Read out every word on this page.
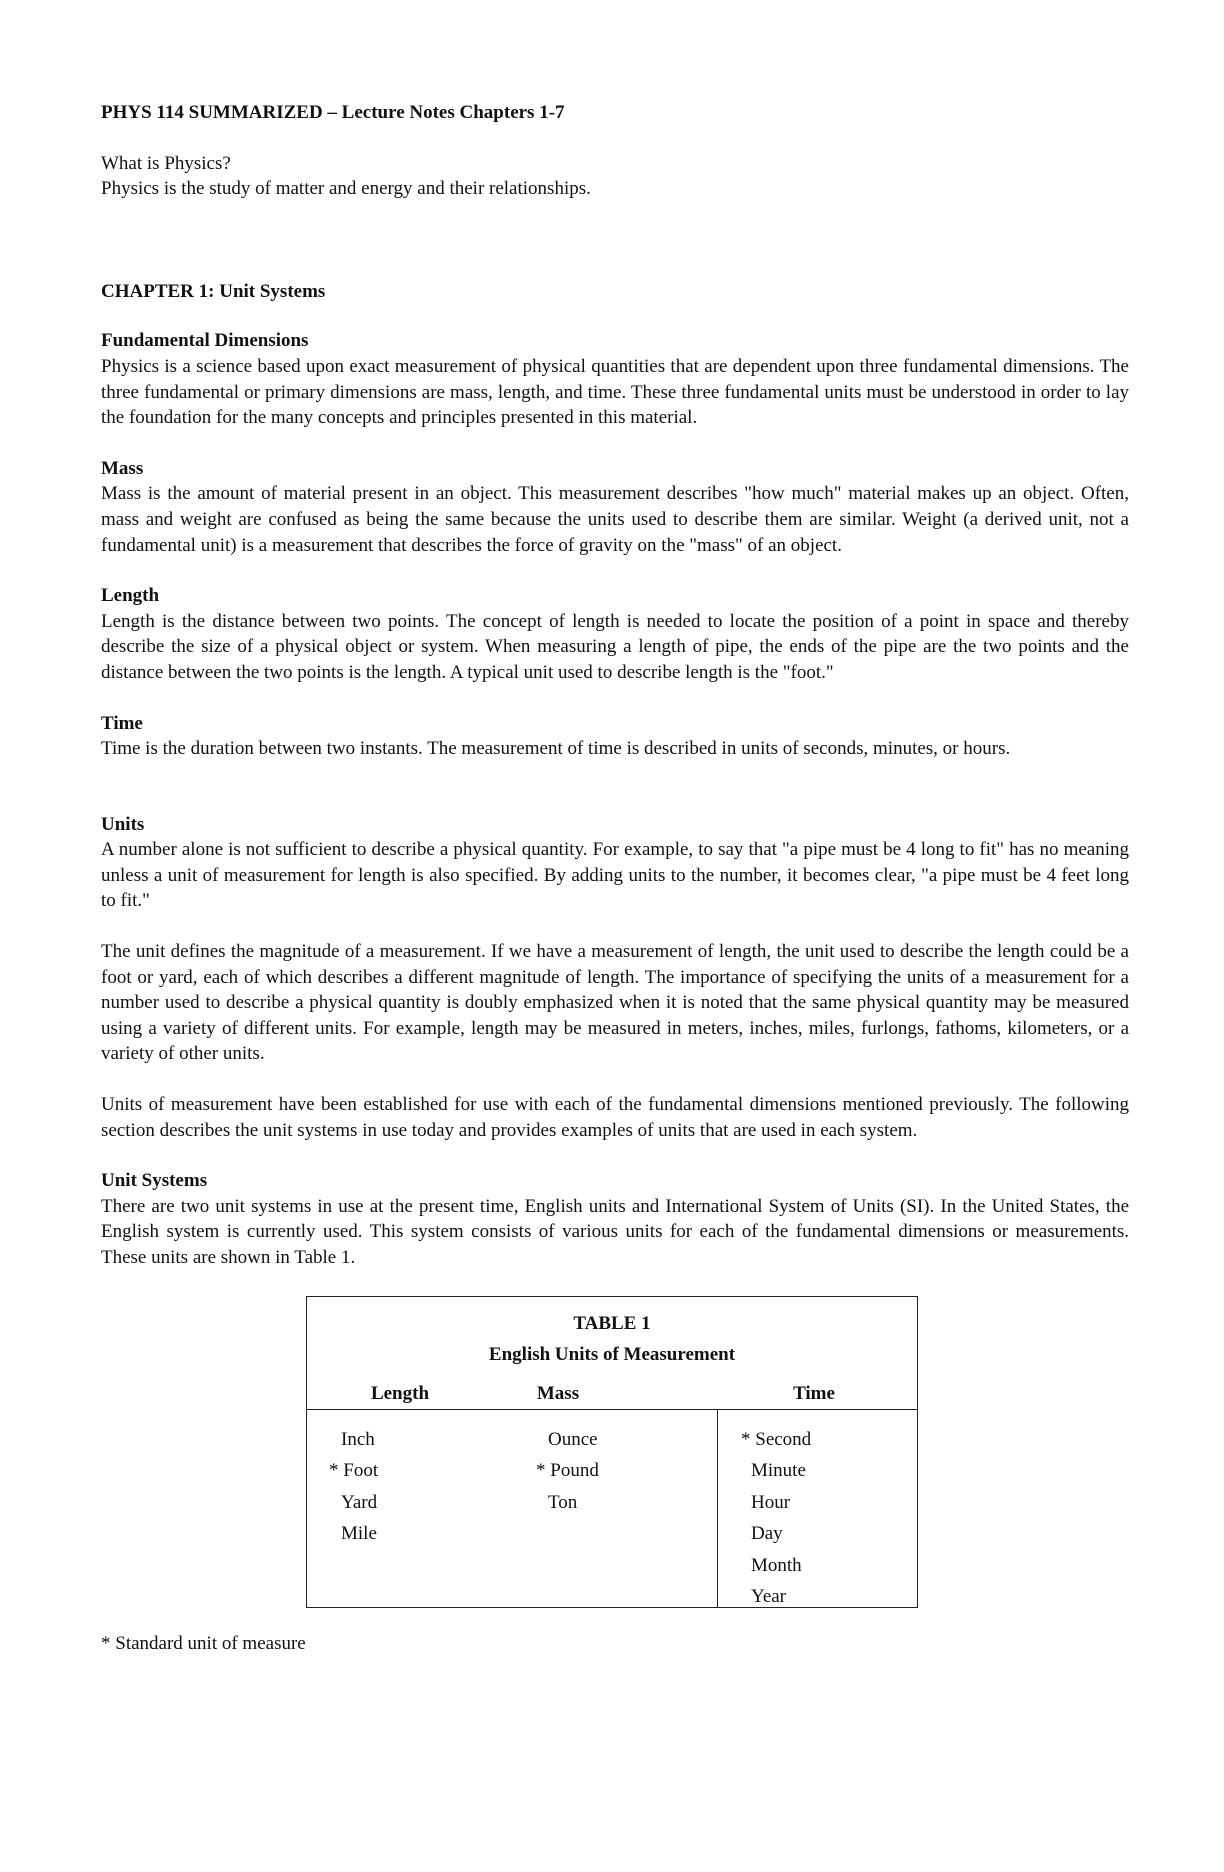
PHYS 114 SUMMARIZED – Lecture Notes Chapters 1-7

What is Physics?

Physics is the study of matter and energy and their relationships.

CHAPTER 1: Unit Systems

Fundamental Dimensions

Physics is a science based upon exact measurement of physical quantities that are dependent upon three fundamental dimensions. The three fundamental or primary dimensions are mass, length, and time. These three fundamental units must be understood in order to lay the foundation for the many concepts and principles presented in this material.

Mass

Mass is the amount of material present in an object. This measurement describes "how much" material makes up an object. Often, mass and weight are confused as being the same because the units used to describe them are similar. Weight (a derived unit, not a fundamental unit) is a measurement that describes the force of gravity on the "mass" of an object.

Length

Length is the distance between two points. The concept of length is needed to locate the position of a point in space and thereby describe the size of a physical object or system. When measuring a length of pipe, the ends of the pipe are the two points and the distance between the two points is the length. A typical unit used to describe length is the "foot."

Time

Time is the duration between two instants. The measurement of time is described in units of seconds, minutes, or hours.

Units

A number alone is not sufficient to describe a physical quantity. For example, to say that "a pipe must be 4 long to fit" has no meaning unless a unit of measurement for length is also specified. By adding units to the number, it becomes clear, "a pipe must be 4 feet long to fit."

The unit defines the magnitude of a measurement. If we have a measurement of length, the unit used to describe the length could be a foot or yard, each of which describes a different magnitude of length. The importance of specifying the units of a measurement for a number used to describe a physical quantity is doubly emphasized when it is noted that the same physical quantity may be measured using a variety of different units. For example, length may be measured in meters, inches, miles, furlongs, fathoms, kilometers, or a variety of other units.

Units of measurement have been established for use with each of the fundamental dimensions mentioned previously. The following section describes the unit systems in use today and provides examples of units that are used in each system.

Unit Systems

There are two unit systems in use at the present time, English units and International System of Units (SI). In the United States, the English system is currently used. This system consists of various units for each of the fundamental dimensions or measurements. These units are shown in Table 1.

TABLE 1
English Units of Measurement
Length	Mass	Time
Inch
* Foot
Yard
Mile
Ounce
* Pound
Ton
* Second
Minute
Hour
Day
Month
Year

* Standard unit of measure
